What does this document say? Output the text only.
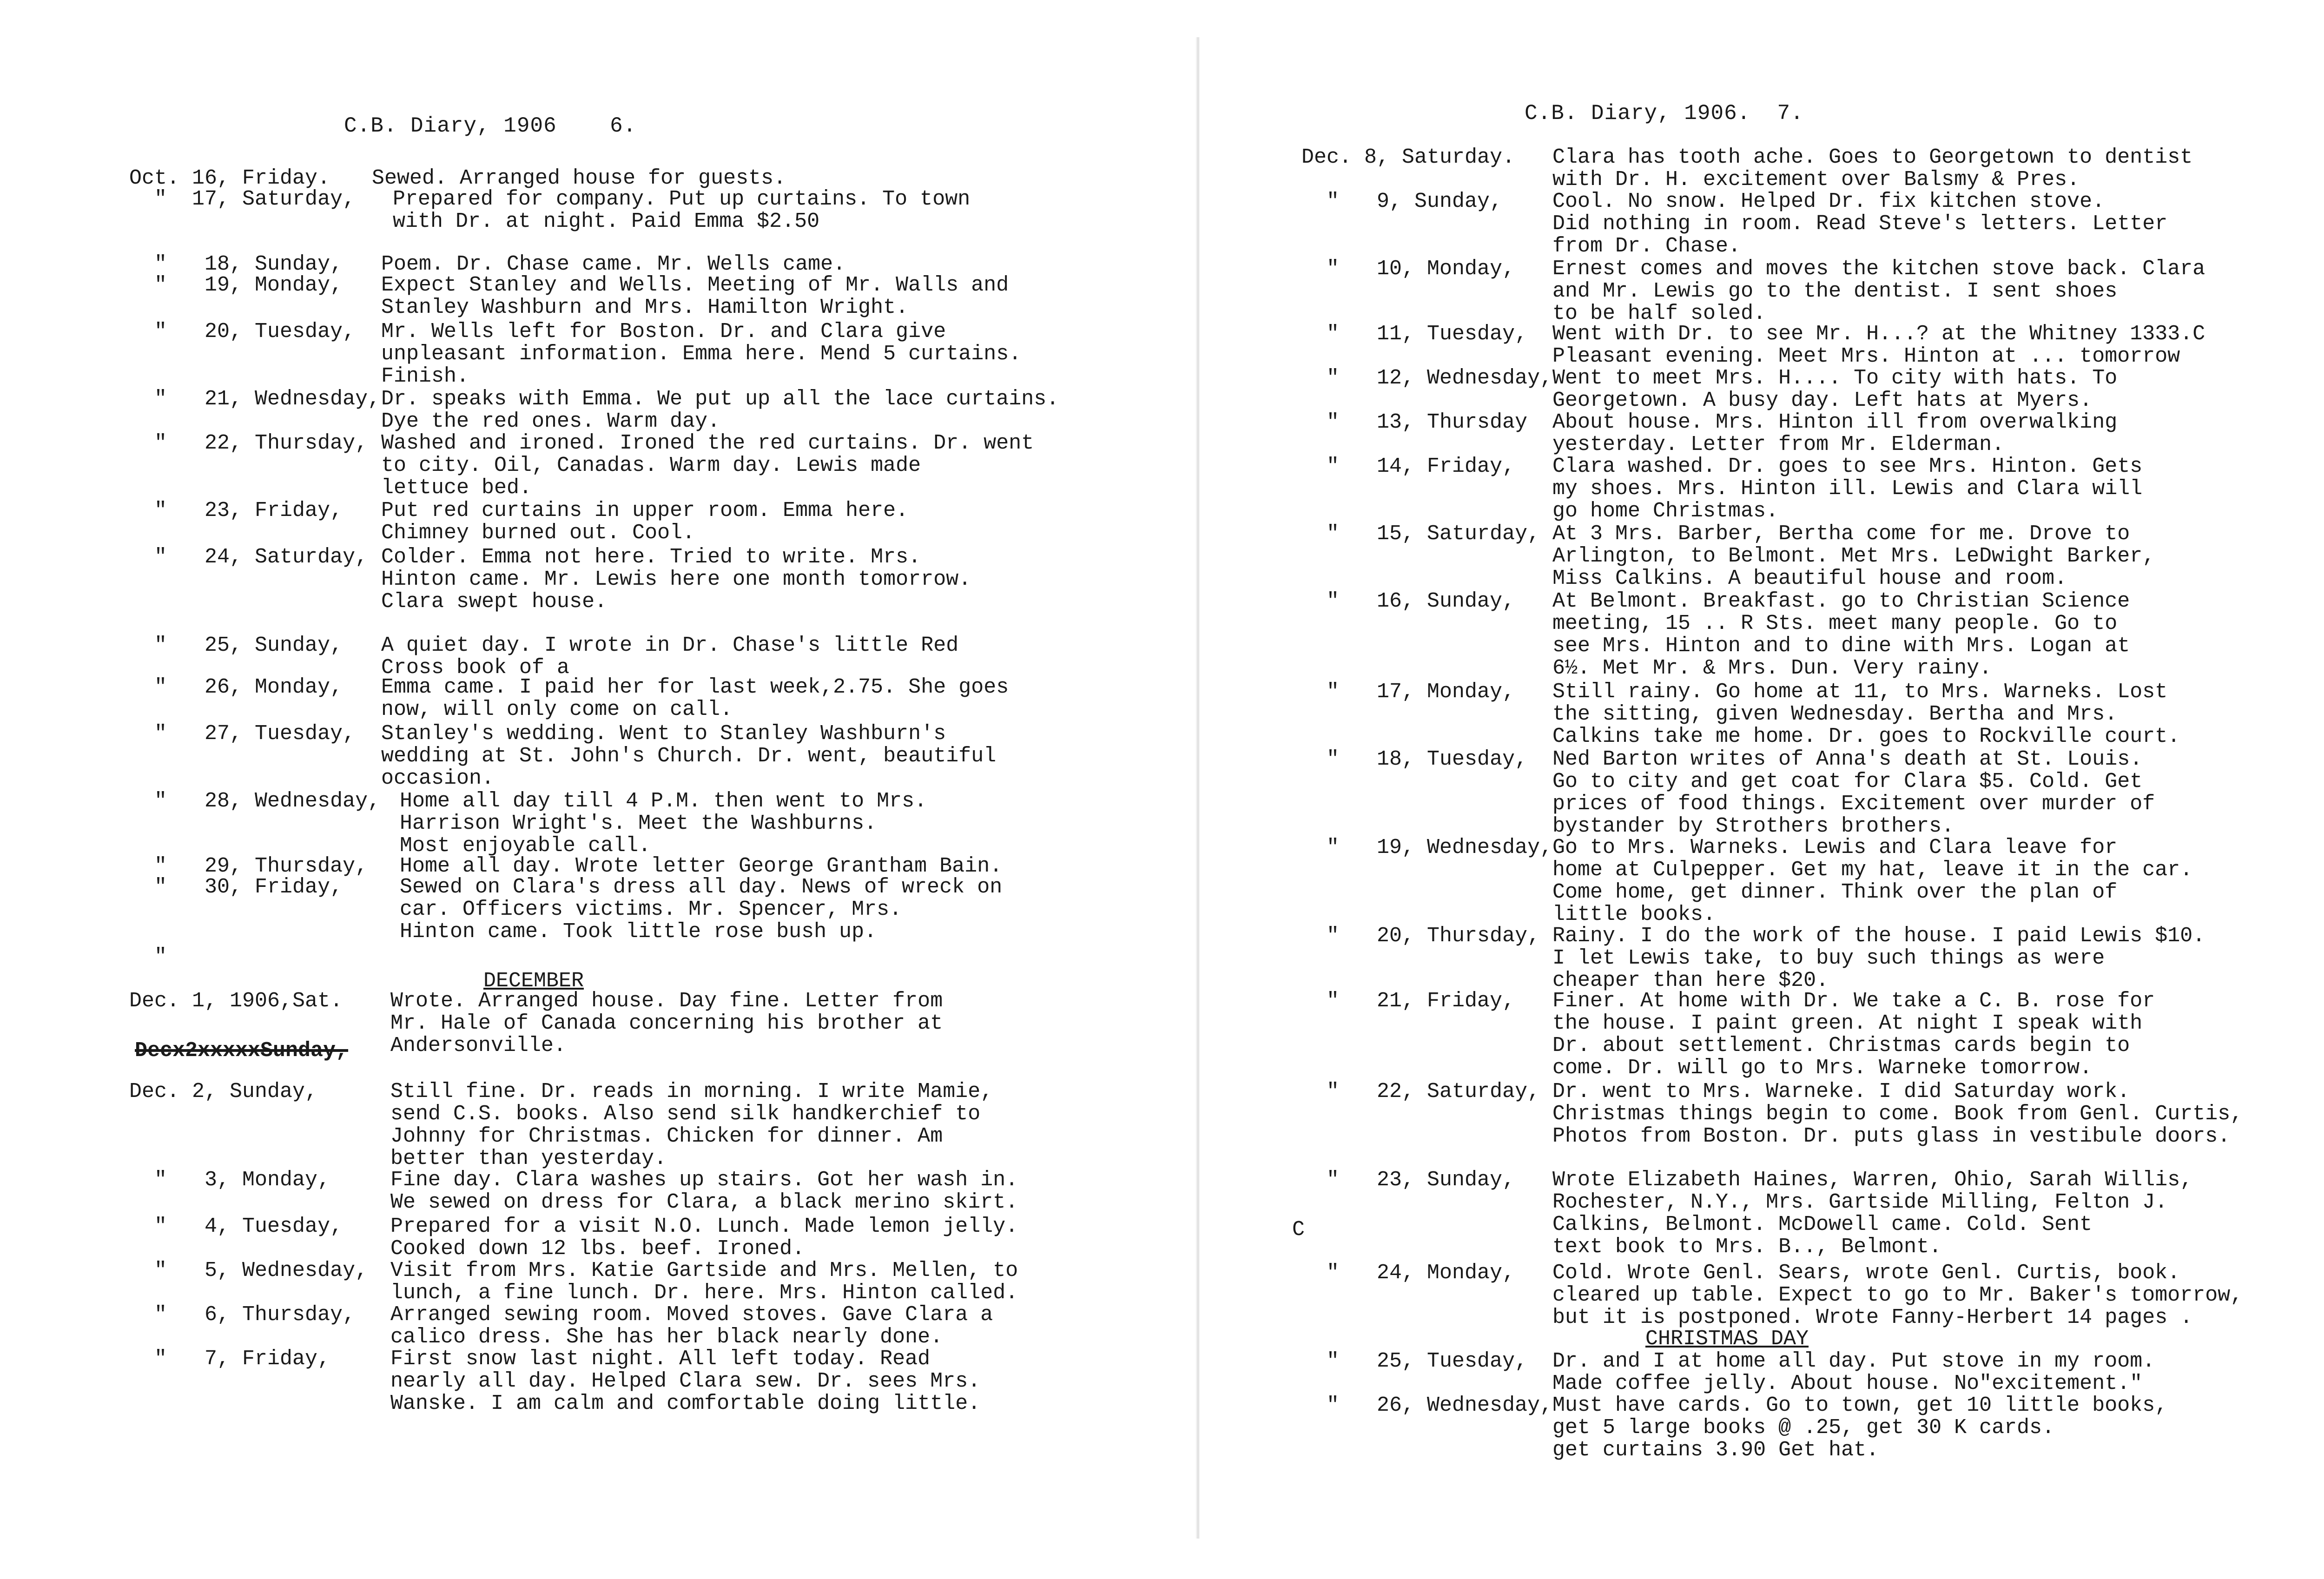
C.B. Diary, 1906    6.
Oct. 16, Friday. Sewed. Arranged house for guests.
"  17, Saturday, Prepared for company. Put up curtains. To town
with Dr. at night. Paid Emma $2.50
"   18, Sunday, Poem. Dr. Chase came. Mr. Wells came.
"   19, Monday, Expect Stanley and Wells. Meeting of Mr. Walls and
Stanley Washburn and Mrs. Hamilton Wright.
"   20, Tuesday, Mr. Wells left for Boston. Dr. and Clara give
unpleasant information. Emma here. Mend 5 curtains.
Finish.
"   21, Wednesday, Dr. speaks with Emma. We put up all the lace curtains.
Dye the red ones. Warm day.
"   22, Thursday, Washed and ironed. Ironed the red curtains. Dr. went
to city. Oil, Canadas. Warm day. Lewis made
lettuce bed.
"   23, Friday, Put red curtains in upper room. Emma here.
Chimney burned out. Cool.
"   24, Saturday, Colder. Emma not here. Tried to write. Mrs.
Hinton came. Mr. Lewis here one month tomorrow.
Clara swept house.
"   25, Sunday, A quiet day. I wrote in Dr. Chase's little Red
Cross book of a
"   26, Monday, Emma came. I paid her for last week,2.75. She goes
now, will only come on call.
"   27, Tuesday, Stanley's wedding. Went to Stanley Washburn's
wedding at St. John's Church. Dr. went, beautiful
occasion.
"   28, Wednesday, Home all day till 4 P.M. then went to Mrs.
Harrison Wright's. Meet the Washburns.
Most enjoyable call.
"   29, Thursday, Home all day. Wrote letter George Grantham Bain.
"   30, Friday,	Sewed on Clara's dress all day. News of wreck on
car. Officers victims. Mr. Spencer, Mrs.
Hinton came. Took little rose bush up.
"
DECEMBER
Dec. 1, 1906,Sat. Wrote. Arranged house. Day fine. Letter from
Mr. Hale of Canada concerning his brother at
Andersonville.
Decx2xxxxxSunday,
Dec. 2, Sunday,	Still fine. Dr. reads in morning. I write Mamie,
send C.S. books. Also send silk handkerchief to
Johnny for Christmas. Chicken for dinner. Am
better than yesterday.
"   3, Monday,	Fine day. Clara washes up stairs. Got her wash in.
We sewed on dress for Clara, a black merino skirt.
"   4, Tuesday, Prepared for a visit N.O. Lunch. Made lemon jelly.
Cooked down 12 lbs. beef. Ironed.
"   5, Wednesday, Visit from Mrs. Katie Gartside and Mrs. Mellen, to
lunch, a fine lunch. Dr. here. Mrs. Hinton called.
"   6, Thursday, Arranged sewing room. Moved stoves. Gave Clara a
calico dress. She has her black nearly done.
"   7, Friday,	First snow last night. All left today. Read
nearly all day. Helped Clara sew. Dr. sees Mrs.
Wanske. I am calm and comfortable doing little.
C.B. Diary, 1906.  7.
Dec. 8, Saturday. Clara has tooth ache. Goes to Georgetown to dentist
with Dr. H. excitement over Balsmy & Pres.
"   9, Sunday, Cool. No snow. Helped Dr. fix kitchen stove.
Did nothing in room. Read Steve's letters. Letter
from Dr. Chase.
"   10, Monday, Ernest comes and moves the kitchen stove back. Clara
and Mr. Lewis go to the dentist. I sent shoes
to be half soled.
"   11, Tuesday, Went with Dr. to see Mr. H...? at the Whitney 1333.C
Pleasant evening. Meet Mrs. Hinton at ... tomorrow
"   12, Wednesday, Went to meet Mrs. H.... To city with hats. To
Georgetown. A busy day. Left hats at Myers.
"   13, Thursday About house. Mrs. Hinton ill from overwalking
yesterday. Letter from Mr. Elderman.
"   14, Friday, Clara washed. Dr. goes to see Mrs. Hinton. Gets
my shoes. Mrs. Hinton ill. Lewis and Clara will
go home Christmas.
"   15, Saturday, At 3 Mrs. Barber, Bertha come for me. Drove to
Arlington, to Belmont. Met Mrs. LeDwight Barker,
Miss Calkins. A beautiful house and room.
"   16, Sunday, At Belmont. Breakfast. go to Christian Science
meeting, 15 .. R Sts. meet many people. Go to
see Mrs. Hinton and to dine with Mrs. Logan at
6½. Met Mr. & Mrs. Dun. Very rainy.
"   17, Monday, Still rainy. Go home at 11, to Mrs. Warneks. Lost
the sitting, given Wednesday. Bertha and Mrs.
Calkins take me home. Dr. goes to Rockville court.
"   18, Tuesday, Ned Barton writes of Anna's death at St. Louis.
Go to city and get coat for Clara $5. Cold. Get
prices of food things. Excitement over murder of
bystander by Strothers brothers.
"   19, Wednesday, Go to Mrs. Warneks. Lewis and Clara leave for
home at Culpepper. Get my hat, leave it in the car.
Come home, get dinner. Think over the plan of
little books.
"   20, Thursday, Rainy. I do the work of the house. I paid Lewis $10.
I let Lewis take, to buy such things as were
cheaper than here $20.
"   21, Friday, Finer. At home with Dr. We take a C. B. rose for
the house. I paint green. At night I speak with
Dr. about settlement. Christmas cards begin to
come. Dr. will go to Mrs. Warneke tomorrow.
"   22, Saturday, Dr. went to Mrs. Warneke. I did Saturday work.
Christmas things begin to come. Book from Genl. Curtis,
Photos from Boston. Dr. puts glass in vestibule doors.
"   23, Sunday, Wrote Elizabeth Haines, Warren, Ohio, Sarah Willis,
Rochester, N.Y., Mrs. Gartside Milling, Felton J.
Calkins, Belmont. McDowell came. Cold. Sent
text book to Mrs. B.., Belmont.
C
"   24, Monday, Cold. Wrote Genl. Sears, wrote Genl. Curtis, book.
cleared up table. Expect to go to Mr. Baker's tomorrow,
but it is postponed. Wrote Fanny-Herbert 14 pages .
CHRISTMAS DAY
"   25, Tuesday, Dr. and I at home all day. Put stove in my room.
Made coffee jelly. About house. No"excitement."
"   26, Wednesday, Must have cards. Go to town, get 10 little books,
get 5 large books @ .25, get 30 K cards.
get curtains 3.90 Get hat.
